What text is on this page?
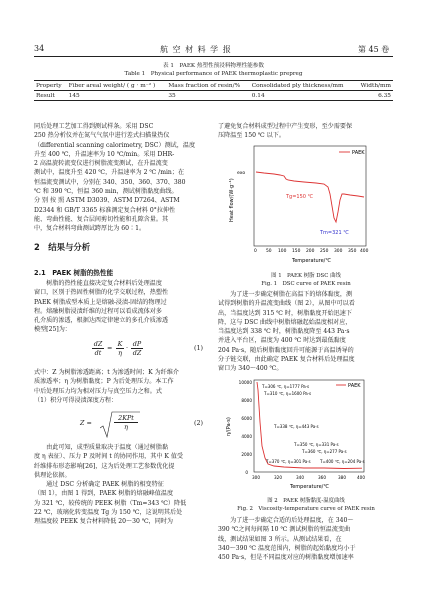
34	航 空 材 料 学 报	第 45 卷
表 1　PAEK 热塑性预浸料物理性能参数
Table 1　Physical performance of PAEK thermoplastic prepreg
Property	Fiber areal weight/ ( g · m⁻² )	Mass fraction of resin/%	Consolidated ply thickness/mm	Width/mm
Result	145	35	0.14	6.35
同后处理工艺加工得到测试样条。采用 DSC
250 热分析仪并在氮气气氛中进行差式扫描量热仪
（differential scanning calorimetry, DSC）测试，温度
升至 400 ℃，升温速率为 10 ℃/min。采用 DHR-
2 高温旋转流变仪进行树脂流变测试，在升温流变
测试中，温度升至 420 ℃，升温速率为 2 ℃ /min；在
恒温流变测试中，分别在 340、350、360、370、380
℃ 和 390 ℃，恒温 360 min，测试树脂黏度曲线。
分 别 按 照 ASTM D3039、ASTM D7264、ASTM
D2344 和 GB/T 3365 标准测定复合材料 0°拉伸性
能、弯曲性能、复合层间剪切性能和孔隙含量。其
中，复合材料弯曲测试跨厚比为 60∶1。
2　结果与分析
2.1　PAEK 树脂的热性能
　　树脂的热性能直接决定复合材料后处理温度
窗口，区别于热固性树脂的化学交联过程，热塑性
PAEK 树脂成型本质上是熔融-浸渍-固结的物理过
程。熔融树脂浸渍纤维的过程可以看成流体对多
孔介质的渗透，根据达西定律建立的多孔介质渗透
模型[25]为：
$\frac{dZ}{dt} = K$
η
· dP
dZ
(1)
式中：Z 为树脂渗透距离；t 为渗透时间；K 为纤维介
质渗透率；η 为树脂黏度；P 为后处理压力。本工作
中后处理压力均为相对压力与真空压力之和。式
（1）积分可得浸渍深度方程：
Z =
2KPt
η	(2)
　　由此可知，成型质量取决于温度（通过树脂黏
度 η 表征）、压力 P 及时间 t 的协同作用，其中 K 值受
纤维排布形态影响[26]，这为后处理工艺参数优化提
供理论依据。
　　通过 DSC 分析确定 PAEK 树脂的相变特征
（图 1），由图 1 得到，PAEK 树脂的熔融峰值温度
为 321 ℃，较传统的 PEEK 树脂（Tm=343 ℃）降低
22 ℃，玻璃化转变温度 Tg 为 150 ℃，这说明其后处
理温度较 PEEK 复合材料降低 20～30 ℃，同时为
了避免复合材料成型过程中产生变形，至少需要保
压降温至 150 ℃ 以下。
PAEK
Tg=150 ℃
Tm=321 ℃
exo
Heat flow/(W·g⁻¹)
0 50 100 150 200 250 300 350 400
Temperature/℃
图 1　PAEK 树脂 DSC 曲线
Fig. 1　DSC curve of PAEK resin
　　为了进一步确定树脂在高温下的熔体黏度，测
试得到树脂的升温流变曲线（图 2），从图中可以看
出，当温度达到 315 ℃ 时，树脂黏度开始迅速下
降，这与 DSC 曲线中树脂熔融起始温度相对应，
当温度达到 338 ℃ 时，树脂黏度降至 443 Pa·s
并进入平台区，温度为 400 ℃ 时达到最低黏度
204 Pa·s，随后树脂黏度回升可能源于高温诱导的
分子链交联，由此确定 PAEK 复合材料后处理温度
窗口为 340～400 ℃。
PAEK
T=306 ℃, η=1777 Pa·s
T=310 ℃, η=1600 Pa·s
T=338 ℃, η=443 Pa·s
T=350 ℃, η=331 Pa·s
T=360 ℃, η=277 Pa·s
T=370 ℃, η=301 Pa·s T=400 ℃, η=204 Pa·s
0
2000
4000
6000
8000
10000
η/(Pa·s)
300	320	340	360	380	400
Temperature/℃
图 2　PAEK 树脂黏度-温度曲线
Fig. 2　Viscosity-temperature curve of PAEK resin
　　为了进一步确定合适的后处理温度，在 340～
390 ℃之间每间隔 10 ℃ 测试树脂的恒温流变曲
线，测试结果如图 3 所示。从测试结果看，在
340～390 ℃ 温度范围内，树脂的起始黏度均小于
450 Pa·s，但是不同温度对应的树脂黏度增加速率
